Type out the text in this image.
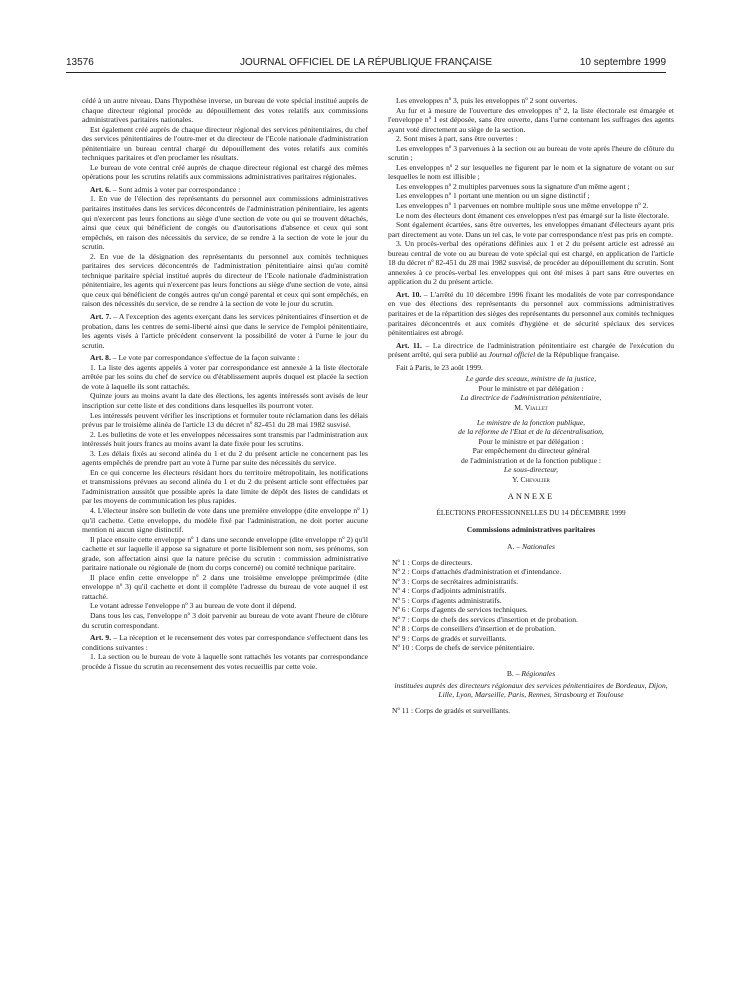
13576	JOURNAL OFFICIEL DE LA RÉPUBLIQUE FRANÇAISE	10 septembre 1999

cédé à un autre niveau. Dans l'hypothèse inverse, un bureau de vote spécial institué auprès de chaque directeur régional procède au dépouillement des votes relatifs aux commissions administratives paritaires nationales.

Est également créé auprès de chaque directeur régional des services pénitentiaires, du chef des services pénitentiaires de l'outre-mer et du directeur de l'Ecole nationale d'administration pénitentiaire un bureau central chargé du dépouillement des votes relatifs aux comités techniques paritaires et d'en proclamer les résultats.

Le bureau de vote central créé auprès de chaque directeur régional est chargé des mêmes opérations pour les scrutins relatifs aux commissions administratives paritaires régionales.

Art. 6. – Sont admis à voter par correspondance :

1. En vue de l'élection des représentants du personnel aux commissions administratives paritaires instituées dans les services déconcentrés de l'administration pénitentiaire, les agents qui n'exercent pas leurs fonctions au siège d'une section de vote ou qui se trouvent détachés, ainsi que ceux qui bénéficient de congés ou d'autorisations d'absence et ceux qui sont empêchés, en raison des nécessités du service, de se rendre à la section de vote le jour du scrutin.

2. En vue de la désignation des représentants du personnel aux comités techniques paritaires des services déconcentrés de l'administration pénitentiaire ainsi qu'au comité technique paritaire spécial institué auprès du directeur de l'Ecole nationale d'administration pénitentiaire, les agents qui n'exercent pas leurs fonctions au siège d'une section de vote, ainsi que ceux qui bénéficient de congés autres qu'un congé parental et ceux qui sont empêchés, en raison des nécessités du service, de se rendre à la section de vote le jour du scrutin.

Art. 7. – A l'exception des agents exerçant dans les services pénitentiaires d'insertion et de probation, dans les centres de semi-liberté ainsi que dans le service de l'emploi pénitentiaire, les agents visés à l'article précédent conservent la possibilité de voter à l'urne le jour du scrutin.

Art. 8. – Le vote par correspondance s'effectue de la façon suivante :

1. La liste des agents appelés à voter par correspondance est annexée à la liste électorale arrêtée par les soins du chef de service ou d'établissement auprès duquel est placée la section de vote à laquelle ils sont rattachés.

Quinze jours au moins avant la date des élections, les agents intéressés sont avisés de leur inscription sur cette liste et des conditions dans lesquelles ils pourront voter.

Les intéressés peuvent vérifier les inscriptions et formuler toute réclamation dans les délais prévus par le troisième alinéa de l'article 13 du décret nº 82-451 du 28 mai 1982 susvisé.

2. Les bulletins de vote et les enveloppes nécessaires sont transmis par l'administration aux intéressés huit jours francs au moins avant la date fixée pour les scrutins.

3. Les délais fixés au second alinéa du 1 et du 2 du présent article ne concernent pas les agents empêchés de prendre part au vote à l'urne par suite des nécessités du service.

En ce qui concerne les électeurs résidant hors du territoire métropolitain, les notifications et transmissions prévues au second alinéa du 1 et du 2 du présent article sont effectuées par l'administration aussitôt que possible après la date limite de dépôt des listes de candidats et par les moyens de communication les plus rapides.

4. L'électeur insère son bulletin de vote dans une première enveloppe (dite enveloppe nº 1) qu'il cachette. Cette enveloppe, du modèle fixé par l'administration, ne doit porter aucune mention ni aucun signe distinctif.

Il place ensuite cette enveloppe nº 1 dans une seconde enveloppe (dite enveloppe nº 2) qu'il cachette et sur laquelle il appose sa signature et porte lisiblement son nom, ses prénoms, son grade, son affectation ainsi que la nature précise du scrutin : commission administrative paritaire nationale ou régionale de (nom du corps concerné) ou comité technique paritaire.

Il place enfin cette enveloppe nº 2 dans une troisième enveloppe préimprimée (dite enveloppe nº 3) qu'il cachette et dont il complète l'adresse du bureau de vote auquel il est rattaché.

Le votant adresse l'enveloppe nº 3 au bureau de vote dont il dépend.

Dans tous les cas, l'enveloppe nº 3 doit parvenir au bureau de vote avant l'heure de clôture du scrutin correspondant.

Art. 9. – La réception et le recensement des votes par correspondance s'effectuent dans les conditions suivantes :

1. La section ou le bureau de vote à laquelle sont rattachés les votants par correspondance procède à l'issue du scrutin au recensement des votes recueillis par cette voie.

Les enveloppes nº 3, puis les enveloppes nº 2 sont ouvertes.

Au fur et à mesure de l'ouverture des enveloppes nº 2, la liste électorale est émargée et l'enveloppe nº 1 est déposée, sans être ouverte, dans l'urne contenant les suffrages des agents ayant voté directement au siège de la section.

2. Sont mises à part, sans être ouvertes :

Les enveloppes nº 3 parvenues à la section ou au bureau de vote après l'heure de clôture du scrutin ;

Les enveloppes nº 2 sur lesquelles ne figurent par le nom et la signature de votant ou sur lesquelles le nom est illisible ;

Les enveloppes nº 2 multiples parvenues sous la signature d'un même agent ;

Les enveloppes nº 1 portant une mention ou un signe distinctif ;

Les enveloppes nº 1 parvenues en nombre multiple sous une même enveloppe nº 2.

Le nom des électeurs dont émanent ces enveloppes n'est pas émargé sur la liste électorale.

Sont également écartées, sans être ouvertes, les enveloppes émanant d'électeurs ayant pris part directement au vote. Dans un tel cas, le vote par correspondance n'est pas pris en compte.

3. Un procès-verbal des opérations définies aux 1 et 2 du présent article est adressé au bureau central de vote ou au bureau de vote spécial qui est chargé, en application de l'article 18 du décret nº 82-451 du 28 mai 1982 susvisé, de procéder au dépouillement du scrutin. Sont annexées à ce procès-verbal les enveloppes qui ont été mises à part sans être ouvertes en application du 2 du présent article.

Art. 10. – L'arrêté du 10 décembre 1996 fixant les modalités de vote par correspondance en vue des élections des représentants du personnel aux commissions administratives paritaires et de la répartition des sièges des représentants du personnel aux comités techniques paritaires déconcentrés et aux comités d'hygiène et de sécurité spéciaux des services pénitentiaires est abrogé.

Art. 11. – La directrice de l'administration pénitentiaire est chargée de l'exécution du présent arrêté, qui sera publié au Journal officiel de la République française.

Fait à Paris, le 23 août 1999.

Le garde des sceaux, ministre de la justice,

Pour le ministre et par délégation :

La directrice de l'administration pénitentiaire,

M. Viallet

Le ministre de la fonction publique,

de la réforme de l'Etat et de la décentralisation,

Pour le ministre et par délégation :

Par empêchement du directeur général

de l'administration et de la fonction publique :

Le sous-directeur,

Y. Chevalier

ANNEXE

ÉLECTIONS PROFESSIONNELLES DU 14 DÉCEMBRE 1999

Commissions administratives paritaires

A. – Nationales

Nº 1 : Corps de directeurs.

Nº 2 : Corps d'attachés d'administration et d'intendance.

Nº 3 : Corps de secrétaires administratifs.

Nº 4 : Corps d'adjoints administratifs.

Nº 5 : Corps d'agents administratifs.

Nº 6 : Corps d'agents de services techniques.

Nº 7 : Corps de chefs des services d'insertion et de probation.

Nº 8 : Corps de conseillers d'insertion et de probation.

Nº 9 : Corps de gradés et surveillants.

Nº 10 : Corps de chefs de service pénitentiaire.

B. – Régionales

instituées auprès des directeurs régionaux des services pénitentiaires de Bordeaux, Dijon, Lille, Lyon, Marseille, Paris, Rennes, Strasbourg et Toulouse

Nº 11 : Corps de gradés et surveillants.
